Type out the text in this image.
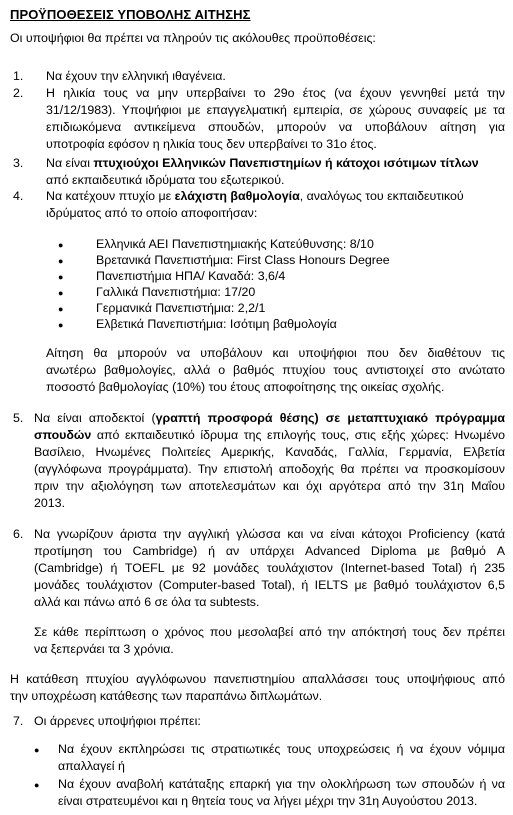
ΠΡΟΫΠΟΘΕΣΕΙΣ ΥΠΟΒΟΛΗΣ ΑΙΤΗΣΗΣ
Οι υποψήφιοι θα πρέπει να πληρούν τις ακόλουθες προϋποθέσεις:
1. Να έχουν την ελληνική ιθαγένεια.
2. Η ηλικία τους να μην υπερβαίνει το 29ο έτος (να έχουν γεννηθεί μετά την
31/12/1983). Υποψήφιοι με επαγγελματική εμπειρία, σε χώρους συναφείς με τα
επιδιωκόμενα αντικείμενα σπουδών, μπορούν να υποβάλουν αίτηση για
υποτροφία εφόσον η ηλικία τους δεν υπερβαίνει το 31ο έτος.
3. Να είναι πτυχιούχοι Ελληνικών Πανεπιστημίων ή κάτοχοι ισότιμων τίτλων
από εκπαιδευτικά ιδρύματα του εξωτερικού.
4. Να κατέχουν πτυχίο με ελάχιστη βαθμολογία, αναλόγως του εκπαιδευτικού
ιδρύματος από το οποίο αποφοιτήσαν:
●	Ελληνικά ΑΕΙ Πανεπιστημιακής Κατεύθυνσης: 8/10
●	Βρετανικά Πανεπιστήμια: First Class Honours Degree
●	Πανεπιστήμια ΗΠΑ/ Καναδά: 3,6/4
●	Γαλλικά Πανεπιστήμια: 17/20
●	Γερμανικά Πανεπιστήμια: 2,2/1
●	Ελβετικά Πανεπιστήμια: Ισότιμη βαθμολογία
Αίτηση θα μπορούν να υποβάλουν και υποψήφιοι που δεν διαθέτουν τις
ανωτέρω βαθμολογίες, αλλά ο βαθμός πτυχίου τους αντιστοιχεί στο ανώτατο
ποσοστό βαθμολογίας (10%) του έτους αποφοίτησης της οικείας σχολής.
5. Να είναι αποδεκτοί (γραπτή προσφορά θέσης) σε μεταπτυχιακό πρόγραμμα
σπουδών από εκπαιδευτικό ίδρυμα της επιλογής τους, στις εξής χώρες: Ηνωμένο
Βασίλειο, Ηνωμένες Πολιτείες Αμερικής, Καναδάς, Γαλλία, Γερμανία, Ελβετία
(αγγλόφωνα προγράμματα). Την επιστολή αποδοχής θα πρέπει να προσκομίσουν
πριν την αξιολόγηση των αποτελεσμάτων και όχι αργότερα από την 31η Μαΐου
2013.
6. Να γνωρίζουν άριστα την αγγλική γλώσσα και να είναι κάτοχοι Proficiency (κατά
προτίμηση του Cambridge) ή αν υπάρχει Advanced Diploma με βαθμό A
(Cambridge) ή TOEFL με 92 μονάδες τουλάχιστον (Internet-based Total) ή 235
μονάδες τουλάχιστον (Computer-based Total), ή IELTS με βαθμό τουλάχιστον 6,5
αλλά και πάνω από 6 σε όλα τα subtests.
Σε κάθε περίπτωση ο χρόνος που μεσολαβεί από την απόκτησή τους δεν πρέπει
να ξεπερνάει τα 3 χρόνια.
Η κατάθεση πτυχίου αγγλόφωνου πανεπιστημίου απαλλάσσει τους υποψήφιους από
την υποχρέωση κατάθεσης των παραπάνω διπλωμάτων.
7. Οι άρρενες υποψήφιοι πρέπει:
● Να έχουν εκπληρώσει τις στρατιωτικές τους υποχρεώσεις ή να έχουν νόμιμα
απαλλαγεί ή
● Να έχουν αναβολή κατάταξης επαρκή για την ολοκλήρωση των σπουδών ή να
είναι στρατευμένοι και η θητεία τους να λήγει μέχρι την 31η Αυγούστου 2013.
